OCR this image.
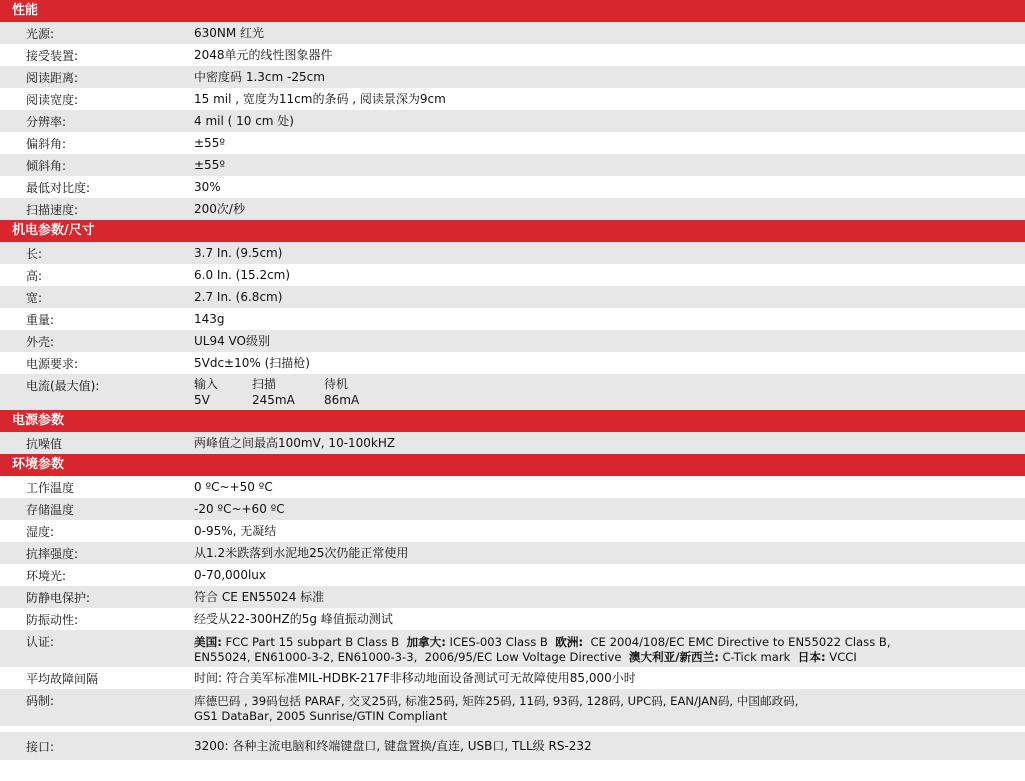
性能
光源:	630NM 红光
接受装置:	2048单元的线性图象器件
阅读距离:	中密度码 1.3cm -25cm
阅读宽度:	15 mil , 宽度为11cm的条码 , 阅读景深为9cm
分辨率:	4 mil ( 10 cm 处)
偏斜角:	±55º
倾斜角:	±55º
最低对比度:	30%
扫描速度:	200次/秒
机电参数/尺寸
长:	3.7 In. (9.5cm)
高:	6.0 In. (15.2cm)
宽:	2.7 In. (6.8cm)
重量:	143g
外壳:	UL94 VO级别
电源要求:	5Vdc±10% (扫描枪)
电流(最大值):	输入	扫描	待机
5V	245mA	86mA
电源参数
抗噪值	两峰值之间最高100mV, 10-100kHZ
环境参数
工作温度	0 ºC~+50 ºC
存储温度	-20 ºC~+60 ºC
湿度:	0-95%, 无凝结
抗摔强度:	从1.2米跌落到水泥地25次仍能正常使用
环境光:	0-70,000lux
防静电保护:	符合 CE EN55024 标准
防振动性:	经受从22-300HZ的5g 峰值振动测试
认证:	美国: FCC Part 15 subpart B Class B  加拿大: ICES-003 Class B  欧洲:  CE 2004/108/EC EMC Directive to EN55022 Class B,
EN55024, EN61000-3-2, EN61000-3-3,  2006/95/EC Low Voltage Directive  澳大利亚/新西兰: C-Tick mark  日本: VCCI
平均故障间隔	时间: 符合美军标准MIL-HDBK-217F非移动地面设备测试可无故障使用85,000小时
码制:	库德巴码 , 39码包括 PARAF, 交叉25码, 标准25码, 矩阵25码, 11码, 93码, 128码, UPC码, EAN/JAN码, 中国邮政码,
GS1 DataBar, 2005 Sunrise/GTIN Compliant
接口:	3200: 各种主流电脑和终端键盘口, 键盘置换/直连, USB口, TLL级 RS-232
